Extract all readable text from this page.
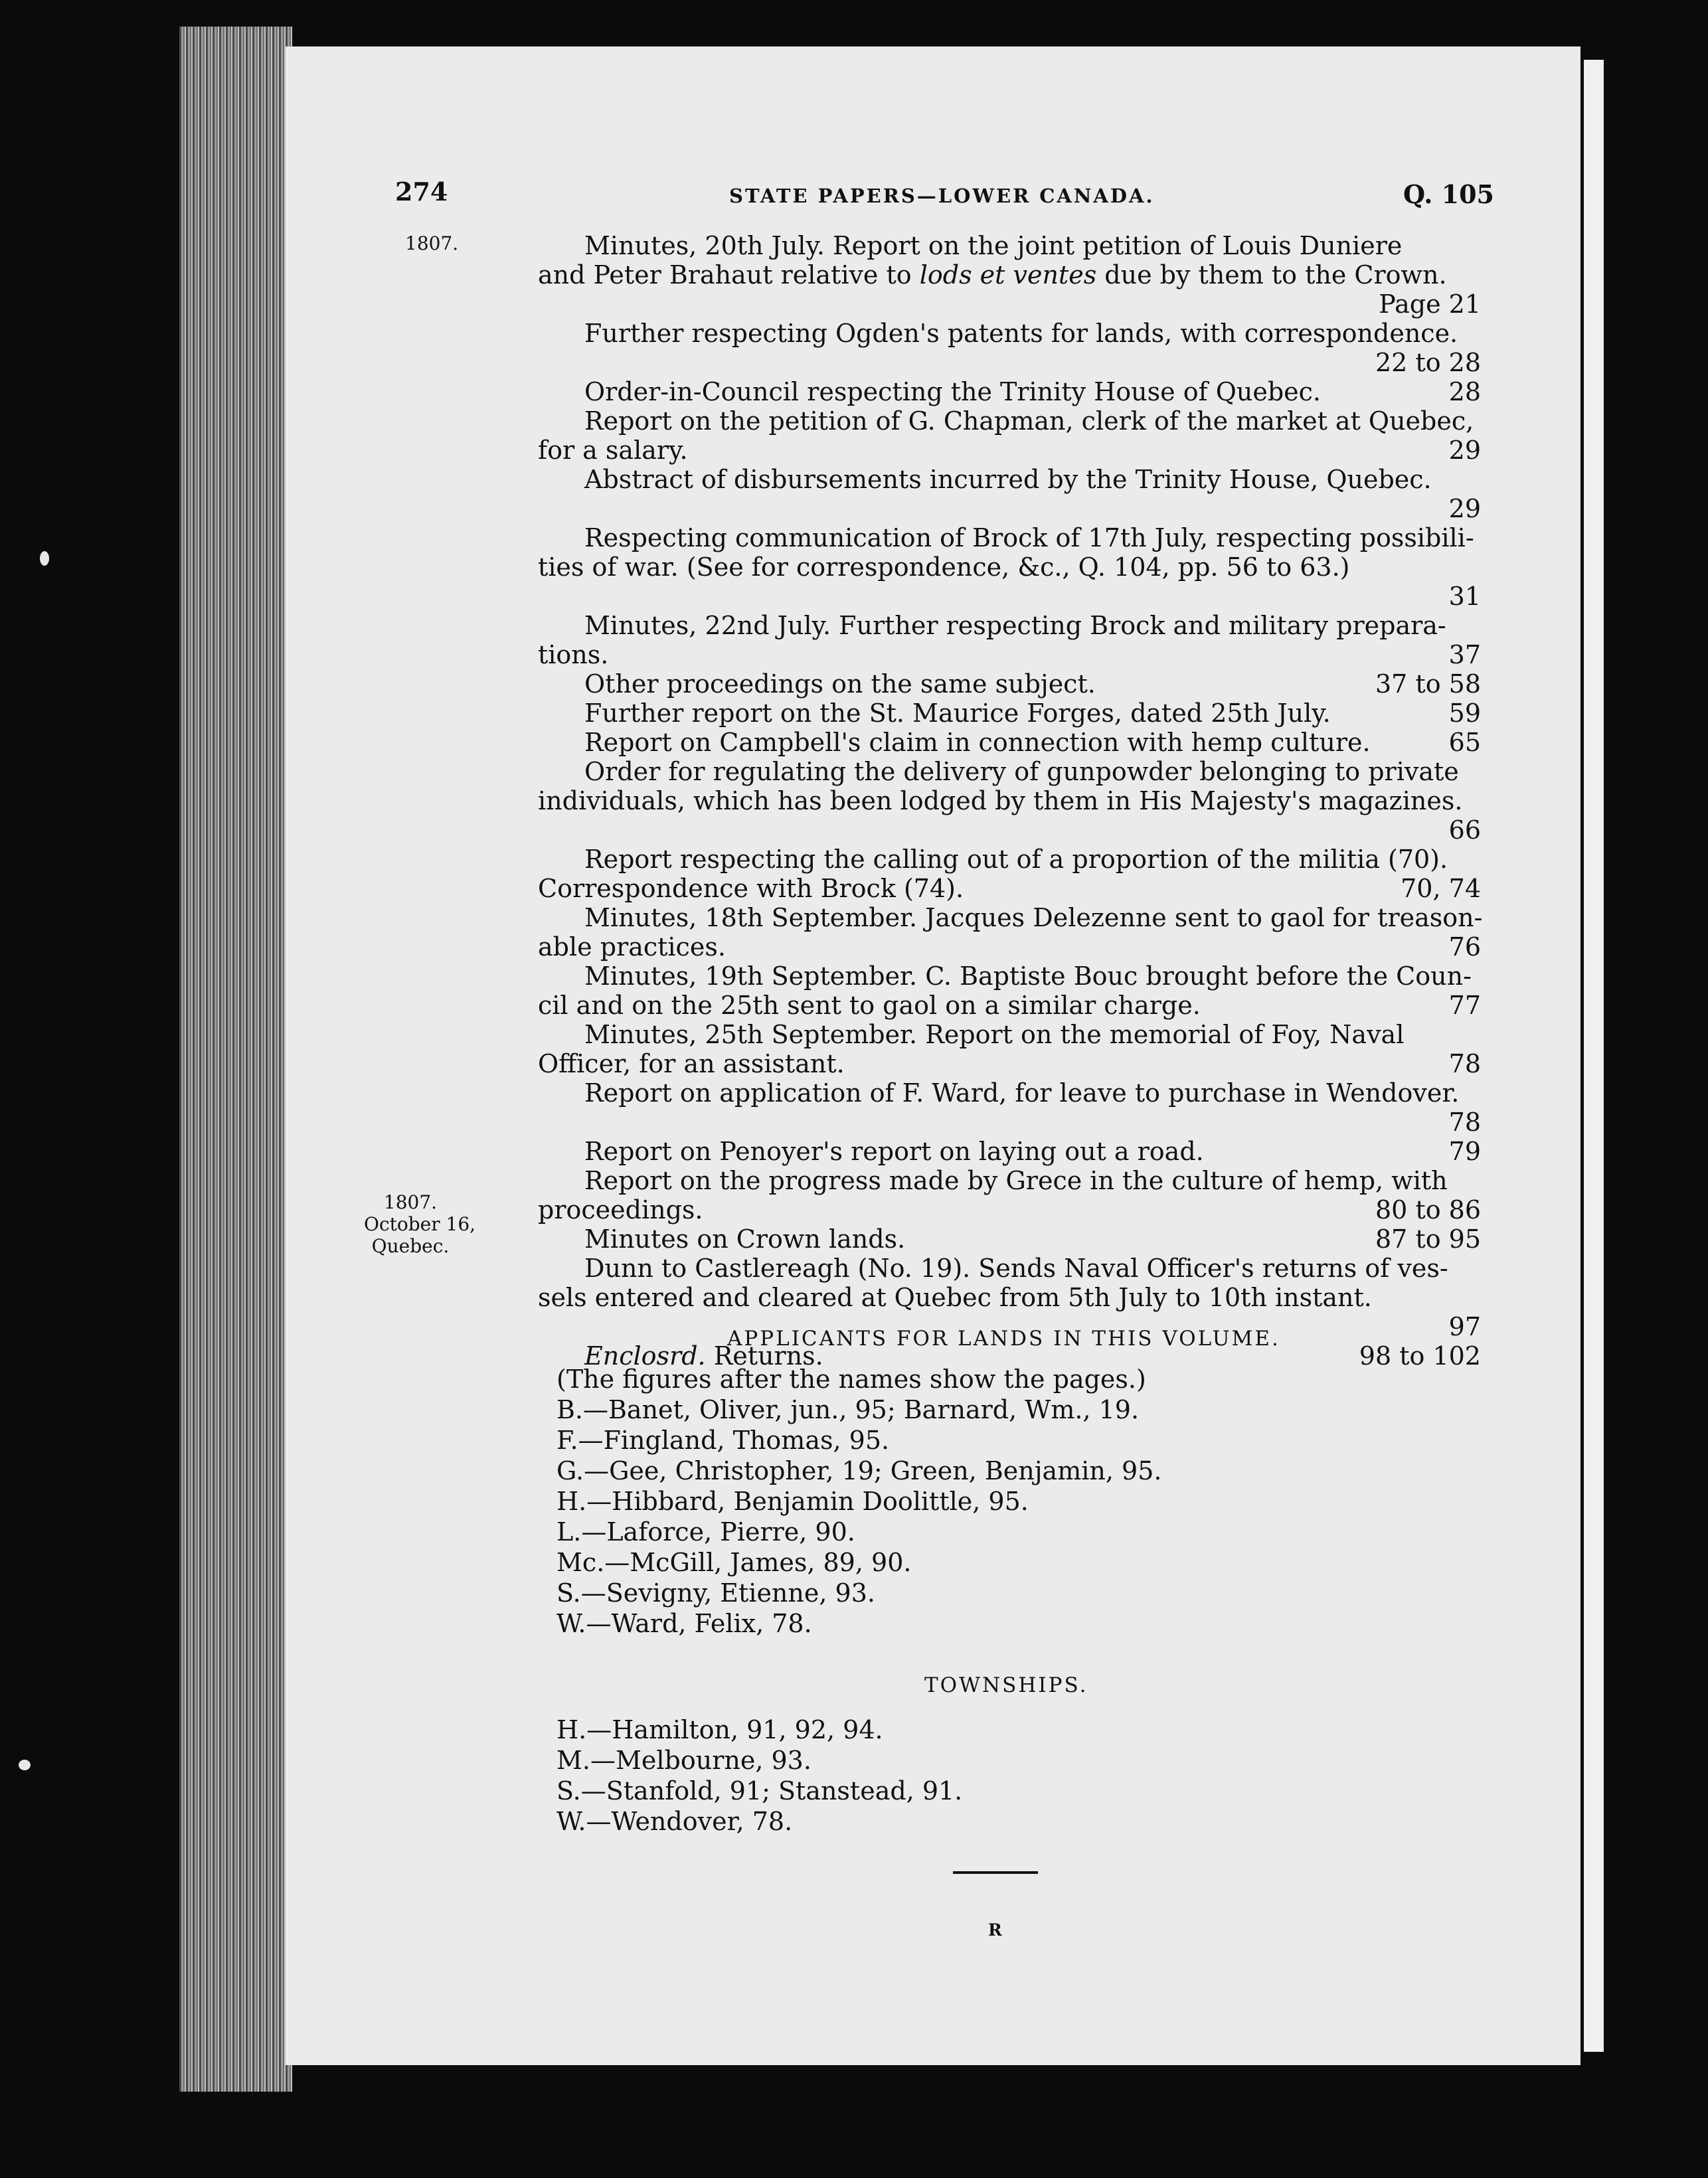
274	STATE PAPERS—LOWER CANADA.	Q. 105
1807.
1807.
October 16,
Quebec.
Minutes, 20th July. Report on the joint petition of Louis Duniere
and Peter Brahaut relative to lods et ventes due by them to the Crown.
Page 21
Further respecting Ogden's patents for lands, with correspondence.
22 to 28
Order-in-Council respecting the Trinity House of Quebec.	28
Report on the petition of G. Chapman, clerk of the market at Quebec,
for a salary.	29
Abstract of disbursements incurred by the Trinity House, Quebec.
29
Respecting communication of Brock of 17th July, respecting possibili-
ties of war. (See for correspondence, &c., Q. 104, pp. 56 to 63.)
31
Minutes, 22nd July. Further respecting Brock and military prepara-
tions.	37
Other proceedings on the same subject.	37 to 58
Further report on the St. Maurice Forges, dated 25th July.	59
Report on Campbell's claim in connection with hemp culture.	65
Order for regulating the delivery of gunpowder belonging to private
individuals, which has been lodged by them in His Majesty's magazines.
66
Report respecting the calling out of a proportion of the militia (70).
Correspondence with Brock (74).	70, 74
Minutes, 18th September. Jacques Delezenne sent to gaol for treason-
able practices.	76
Minutes, 19th September. C. Baptiste Bouc brought before the Coun-
cil and on the 25th sent to gaol on a similar charge.	77
Minutes, 25th September. Report on the memorial of Foy, Naval
Officer, for an assistant.	78
Report on application of F. Ward, for leave to purchase in Wendover.
78
Report on Penoyer's report on laying out a road.	79
Report on the progress made by Grece in the culture of hemp, with
proceedings.	80 to 86
Minutes on Crown lands.	87 to 95
Dunn to Castlereagh (No. 19). Sends Naval Officer's returns of ves-
sels entered and cleared at Quebec from 5th July to 10th instant.
97
Enclosrd. Returns.	98 to 102
APPLICANTS FOR LANDS IN THIS VOLUME.
(The figures after the names show the pages.)
B.—Banet, Oliver, jun., 95; Barnard, Wm., 19.
F.—Fingland, Thomas, 95.
G.—Gee, Christopher, 19; Green, Benjamin, 95.
H.—Hibbard, Benjamin Doolittle, 95.
L.—Laforce, Pierre, 90.
Mc.—McGill, James, 89, 90.
S.—Sevigny, Etienne, 93.
W.—Ward, Felix, 78.
TOWNSHIPS.
H.—Hamilton, 91, 92, 94.
M.—Melbourne, 93.
S.—Stanfold, 91; Stanstead, 91.
W.—Wendover, 78.
R
